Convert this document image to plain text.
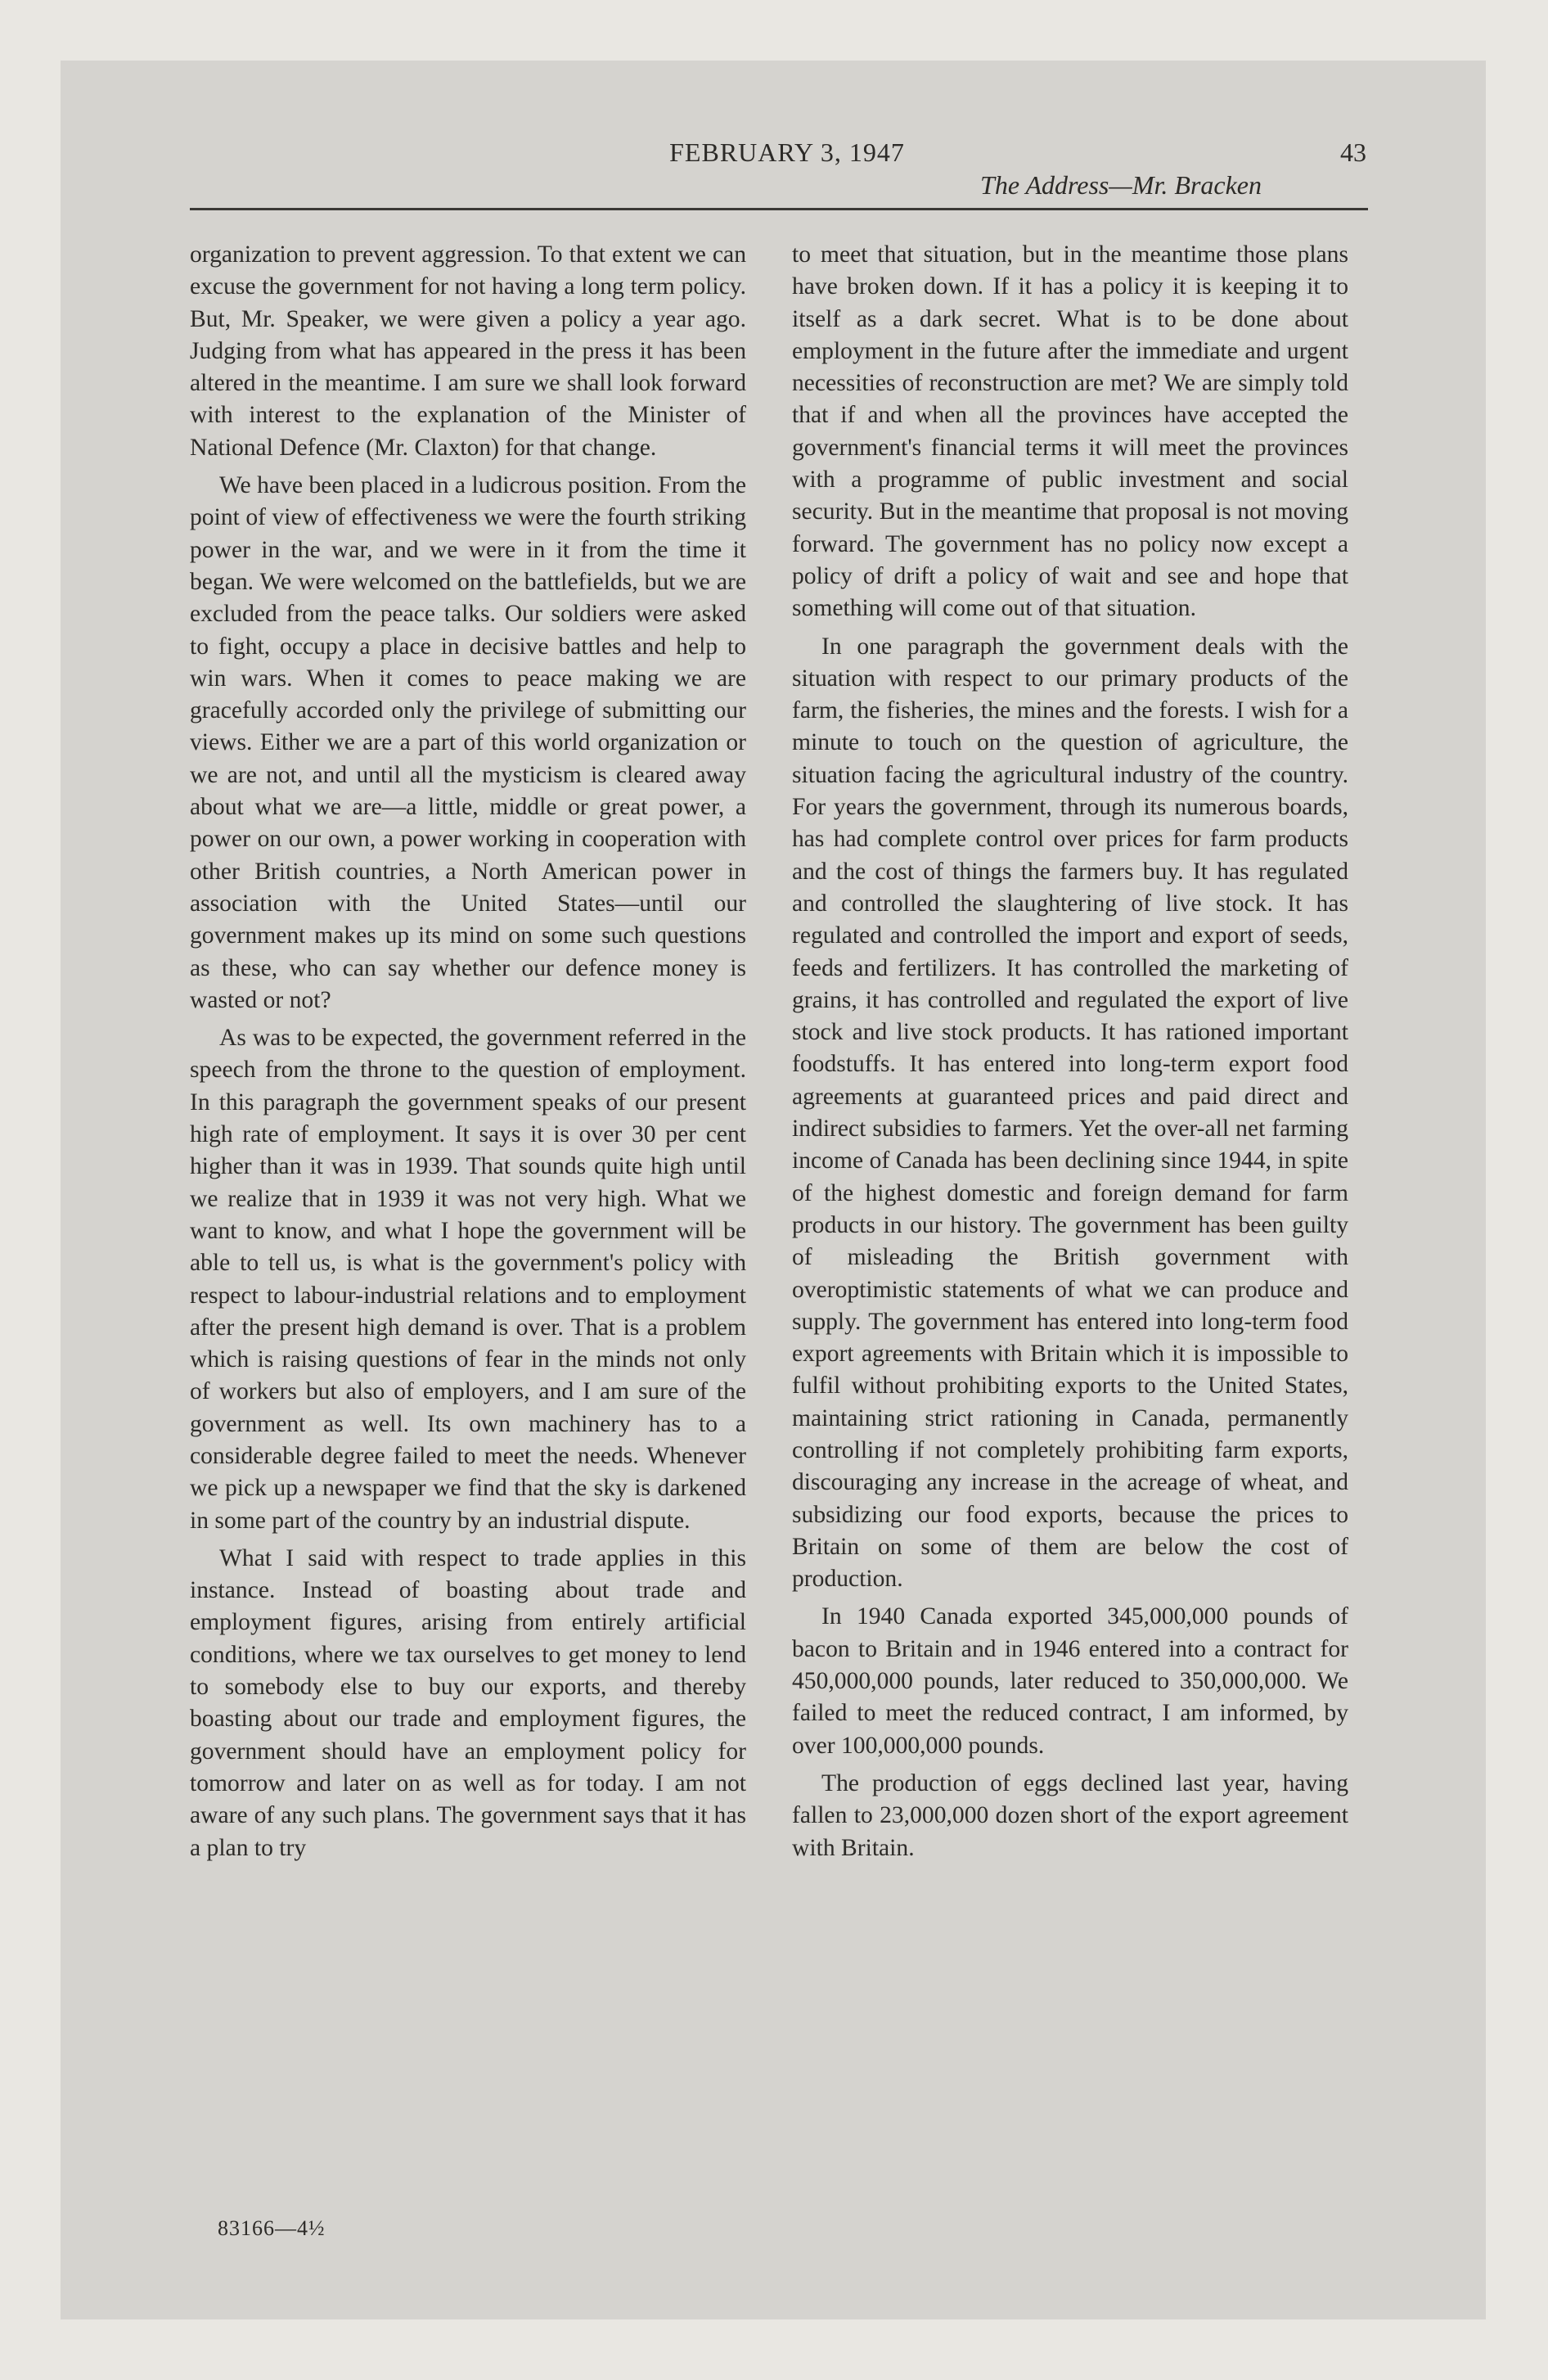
FEBRUARY 3, 1947	43
The Address—Mr. Bracken

organization to prevent aggression. To that extent we can excuse the government for not having a long term policy. But, Mr. Speaker, we were given a policy a year ago. Judging from what has appeared in the press it has been altered in the meantime. I am sure we shall look forward with interest to the explanation of the Minister of National Defence (Mr. Claxton) for that change.

We have been placed in a ludicrous position. From the point of view of effectiveness we were the fourth striking power in the war, and we were in it from the time it began. We were welcomed on the battlefields, but we are excluded from the peace talks. Our soldiers were asked to fight, occupy a place in decisive battles and help to win wars. When it comes to peace making we are gracefully accorded only the privilege of submitting our views. Either we are a part of this world organization or we are not, and until all the mysticism is cleared away about what we are—a little, middle or great power, a power on our own, a power working in cooperation with other British countries, a North American power in association with the United States—until our government makes up its mind on some such questions as these, who can say whether our defence money is wasted or not?

As was to be expected, the government referred in the speech from the throne to the question of employment. In this paragraph the government speaks of our present high rate of employment. It says it is over 30 per cent higher than it was in 1939. That sounds quite high until we realize that in 1939 it was not very high. What we want to know, and what I hope the government will be able to tell us, is what is the government's policy with respect to labour-industrial relations and to employment after the present high demand is over. That is a problem which is raising questions of fear in the minds not only of workers but also of employers, and I am sure of the government as well. Its own machinery has to a considerable degree failed to meet the needs. Whenever we pick up a newspaper we find that the sky is darkened in some part of the country by an industrial dispute.

What I said with respect to trade applies in this instance. Instead of boasting about trade and employment figures, arising from entirely artificial conditions, where we tax ourselves to get money to lend to somebody else to buy our exports, and thereby boasting about our trade and employment figures, the government should have an employment policy for tomorrow and later on as well as for today. I am not aware of any such plans. The government says that it has a plan to try

to meet that situation, but in the meantime those plans have broken down. If it has a policy it is keeping it to itself as a dark secret. What is to be done about employment in the future after the immediate and urgent necessities of reconstruction are met? We are simply told that if and when all the provinces have accepted the government's financial terms it will meet the provinces with a programme of public investment and social security. But in the meantime that proposal is not moving forward. The government has no policy now except a policy of drift a policy of wait and see and hope that something will come out of that situation.

In one paragraph the government deals with the situation with respect to our primary products of the farm, the fisheries, the mines and the forests. I wish for a minute to touch on the question of agriculture, the situation facing the agricultural industry of the country. For years the government, through its numerous boards, has had complete control over prices for farm products and the cost of things the farmers buy. It has regulated and controlled the slaughtering of live stock. It has regulated and controlled the import and export of seeds, feeds and fertilizers. It has controlled the marketing of grains, it has controlled and regulated the export of live stock and live stock products. It has rationed important foodstuffs. It has entered into long-term export food agreements at guaranteed prices and paid direct and indirect subsidies to farmers. Yet the over-all net farming income of Canada has been declining since 1944, in spite of the highest domestic and foreign demand for farm products in our history. The government has been guilty of misleading the British government with overoptimistic statements of what we can produce and supply. The government has entered into long-term food export agreements with Britain which it is impossible to fulfil without prohibiting exports to the United States, maintaining strict rationing in Canada, permanently controlling if not completely prohibiting farm exports, discouraging any increase in the acreage of wheat, and subsidizing our food exports, because the prices to Britain on some of them are below the cost of production.

In 1940 Canada exported 345,000,000 pounds of bacon to Britain and in 1946 entered into a contract for 450,000,000 pounds, later reduced to 350,000,000. We failed to meet the reduced contract, I am informed, by over 100,000,000 pounds.

The production of eggs declined last year, having fallen to 23,000,000 dozen short of the export agreement with Britain.

83166—4½
